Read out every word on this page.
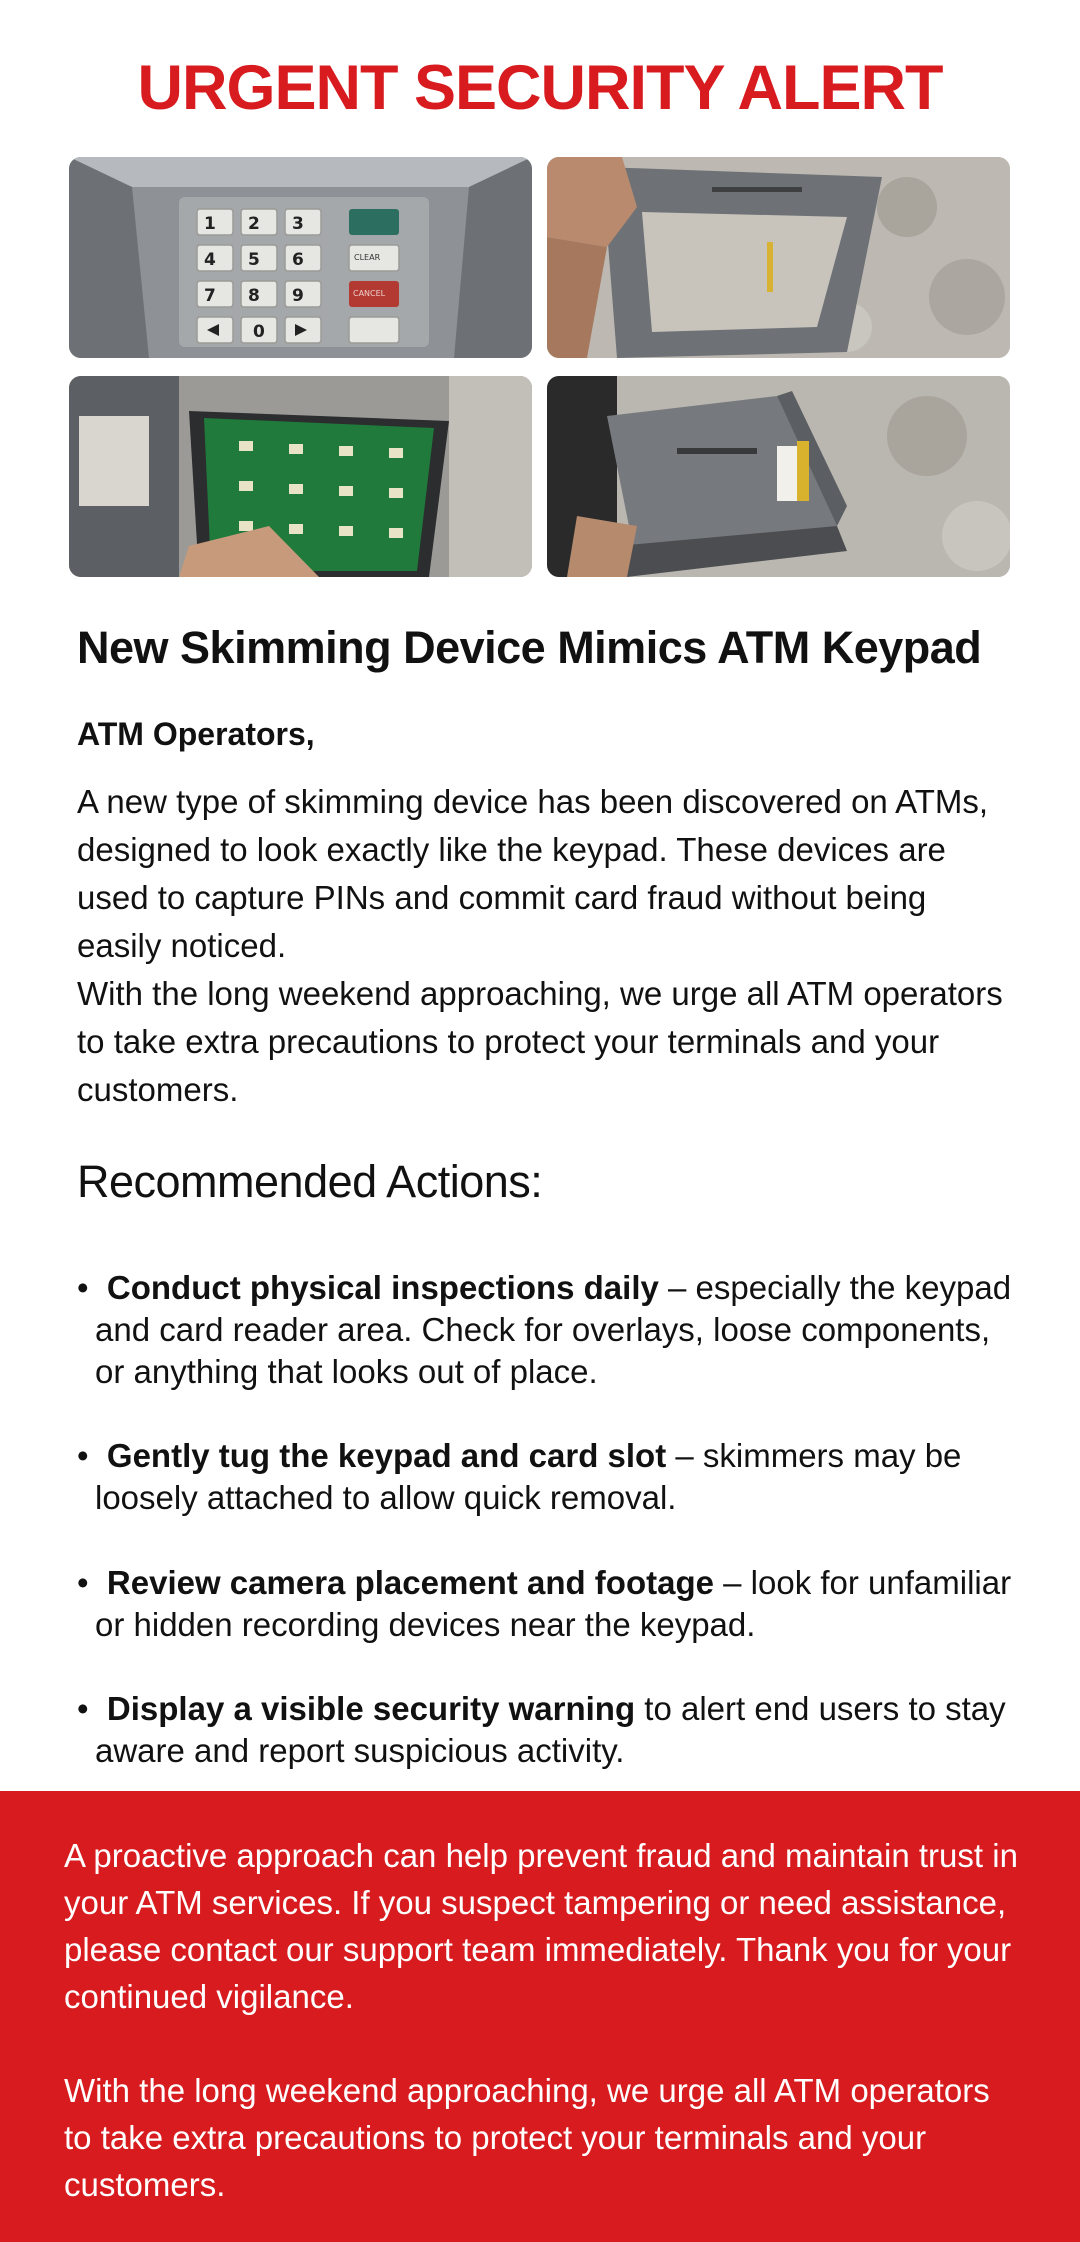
URGENT SECURITY ALERT
1 2 3
4 5 6
7 8 9
0
CLEAR
CANCEL
New Skimming Device Mimics ATM Keypad
ATM Operators,
A new type of skimming device has been discovered on ATMs, designed to look exactly like the keypad. These devices are used to capture PINs and commit card fraud without being easily noticed.
With the long weekend approaching, we urge all ATM operators to take extra precautions to protect your terminals and your customers.
Recommended Actions:
• Conduct physical inspections daily – especially the keypad and card reader area. Check for overlays, loose components, or anything that looks out of place.
• Gently tug the keypad and card slot – skimmers may be loosely attached to allow quick removal.
• Review camera placement and footage – look for unfamiliar or hidden recording devices near the keypad.
• Display a visible security warning to alert end users to stay aware and report suspicious activity.
A proactive approach can help prevent fraud and maintain trust in your ATM services. If you suspect tampering or need assistance, please contact our support team immediately. Thank you for your continued vigilance.
With the long weekend approaching, we urge all ATM operators to take extra precautions to protect your terminals and your customers.
